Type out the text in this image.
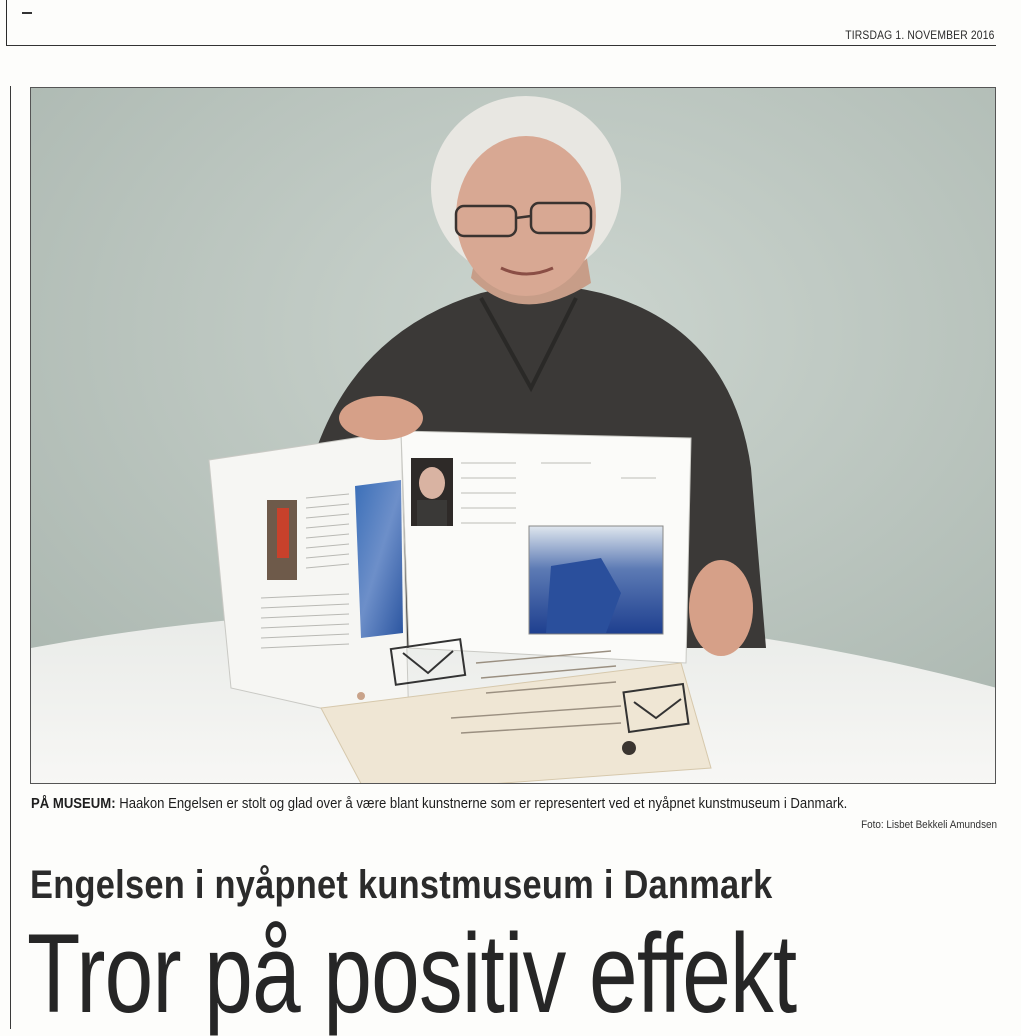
TIRSDAG 1. NOVEMBER 2016
PÅ MUSEUM: Haakon Engelsen er stolt og glad over å være blant kunstnerne som er representert ved et nyåpnet kunstmuseum i Danmark.
Foto: Lisbet Bekkeli Amundsen
Engelsen i nyåpnet kunstmuseum i Danmark
Tror på positiv effekt
